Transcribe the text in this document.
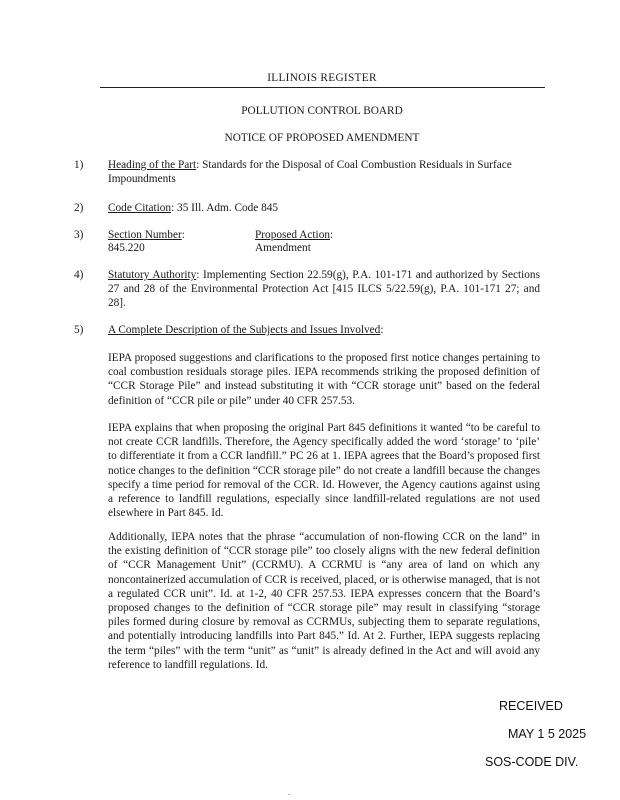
ILLINOIS REGISTER
POLLUTION CONTROL BOARD
NOTICE OF PROPOSED AMENDMENT
1) Heading of the Part: Standards for the Disposal of Coal Combustion Residuals in Surface Impoundments
2) Code Citation: 35 Ill. Adm. Code 845
3) Section Number:
845.220
Proposed Action:
Amendment
4) Statutory Authority: Implementing Section 22.59(g), P.A. 101-171 and authorized by Sections 27 and 28 of the Environmental Protection Act [415 ILCS 5/22.59(g), P.A. 101-171 27; and 28].
5) A Complete Description of the Subjects and Issues Involved:

IEPA proposed suggestions and clarifications to the proposed first notice changes pertaining to coal combustion residuals storage piles. IEPA recommends striking the proposed definition of “CCR Storage Pile” and instead substituting it with “CCR storage unit” based on the federal definition of “CCR pile or pile” under 40 CFR 257.53.

IEPA explains that when proposing the original Part 845 definitions it wanted “to be careful to not create CCR landfills. Therefore, the Agency specifically added the word ‘storage’ to ‘pile’ to differentiate it from a CCR landfill.” PC 26 at 1. IEPA agrees that the Board’s proposed first notice changes to the definition “CCR storage pile” do not create a landfill because the changes specify a time period for removal of the CCR. Id. However, the Agency cautions against using a reference to landfill regulations, especially since landfill-related regulations are not used elsewhere in Part 845. Id.

Additionally, IEPA notes that the phrase “accumulation of non-flowing CCR on the land” in the existing definition of “CCR storage pile” too closely aligns with the new federal definition of “CCR Management Unit” (CCRMU). A CCRMU is “any area of land on which any noncontainerized accumulation of CCR is received, placed, or is otherwise managed, that is not a regulated CCR unit”. Id. at 1-2, 40 CFR 257.53. IEPA expresses concern that the Board’s proposed changes to the definition of “CCR storage pile” may result in classifying “storage piles formed during closure by removal as CCRMUs, subjecting them to separate regulations, and potentially introducing landfills into Part 845.” Id. At 2. Further, IEPA suggests replacing the term “piles” with the term “unit” as “unit” is already defined in the Act and will avoid any reference to landfill regulations. Id.

RECEIVED
MAY 1 5 2025
SOS-CODE DIV.
.
